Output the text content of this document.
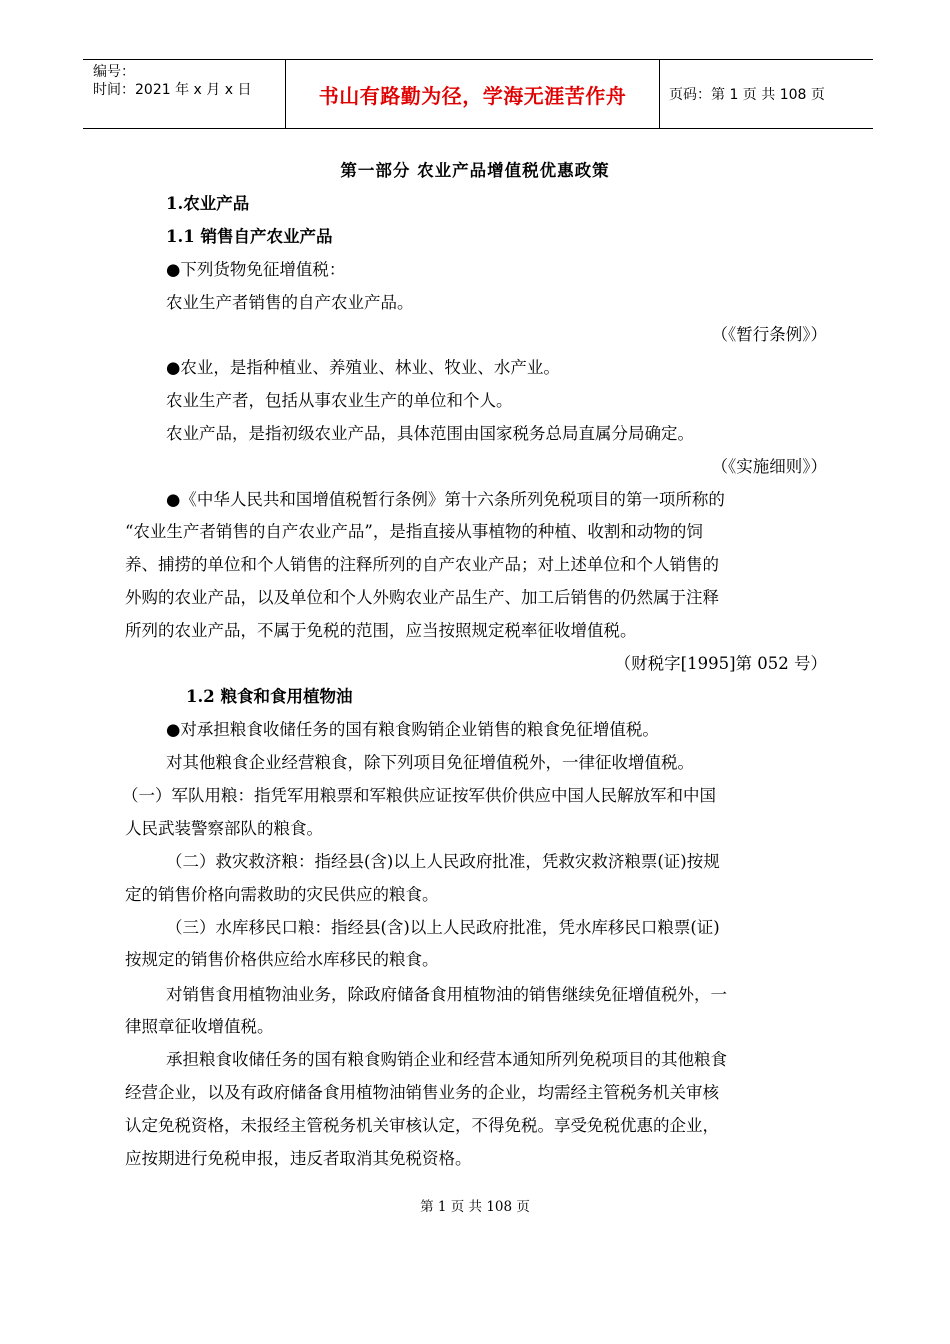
编号：
时间：2021 年 x 月 x 日	书山有路勤为径，学海无涯苦作舟	页码：第 1 页 共 108 页
第一部分 农业产品增值税优惠政策
1.农业产品
1.1 销售自产农业产品
●下列货物免征增值税：
农业生产者销售的自产农业产品。
（《暂行条例》）
●农业，是指种植业、养殖业、林业、牧业、水产业。
农业生产者，包括从事农业生产的单位和个人。
农业产品，是指初级农业产品，具体范围由国家税务总局直属分局确定。
（《实施细则》）
●《中华人民共和国增值税暂行条例》第十六条所列免税项目的第一项所称的
“农业生产者销售的自产农业产品”，是指直接从事植物的种植、收割和动物的饲
养、捕捞的单位和个人销售的注释所列的自产农业产品；对上述单位和个人销售的
外购的农业产品，以及单位和个人外购农业产品生产、加工后销售的仍然属于注释
所列的农业产品，不属于免税的范围，应当按照规定税率征收增值税。
（财税字[1995]第 052 号）
1.2 粮食和食用植物油
●对承担粮食收储任务的国有粮食购销企业销售的粮食免征增值税。
对其他粮食企业经营粮食，除下列项目免征增值税外，一律征收增值税。
（一）军队用粮：指凭军用粮票和军粮供应证按军供价供应中国人民解放军和中国
人民武装警察部队的粮食。
（二）救灾救济粮：指经县(含)以上人民政府批准，凭救灾救济粮票(证)按规
定的销售价格向需救助的灾民供应的粮食。
（三）水库移民口粮：指经县(含)以上人民政府批准，凭水库移民口粮票(证)
按规定的销售价格供应给水库移民的粮食。
对销售食用植物油业务，除政府储备食用植物油的销售继续免征增值税外，一
律照章征收增值税。
承担粮食收储任务的国有粮食购销企业和经营本通知所列免税项目的其他粮食
经营企业，以及有政府储备食用植物油销售业务的企业，均需经主管税务机关审核
认定免税资格，未报经主管税务机关审核认定，不得免税。享受免税优惠的企业，
应按期进行免税申报，违反者取消其免税资格。
第 1 页 共 108 页
